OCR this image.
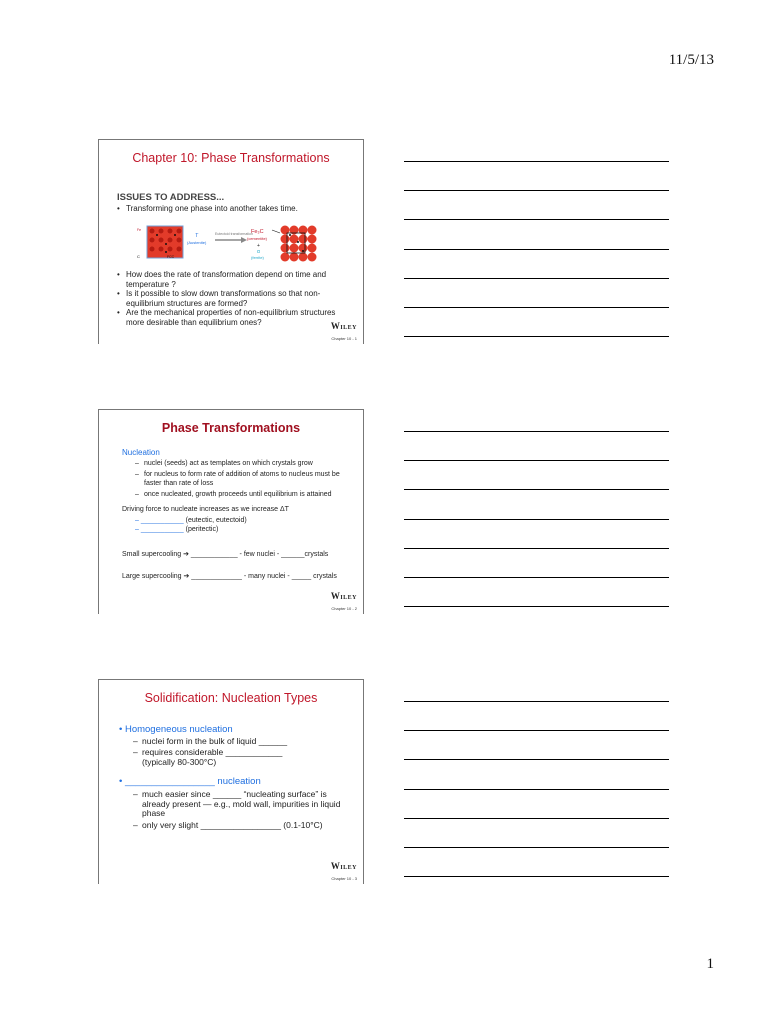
11/5/13
Chapter 10: Phase Transformations
ISSUES TO ADDRESS...
• Transforming one phase into another takes time.
Fe
C	FCC
T
(Austenite)
Eutectoid transformation
Fe₃C
(cementite)
+
α
(ferrite)
• How does the rate of transformation depend on time and temperature ?
• Is it possible to slow down transformations so that non-equilibrium structures are formed?
• Are the mechanical properties of non-equilibrium structures more desirable than equilibrium ones?	Wiley
Chapter 10 - 1
Phase Transformations
Nucleation
– nuclei (seeds) act as templates on which crystals grow
– for nucleus to form rate of addition of atoms to nucleus must be faster than rate of loss
– once nucleated, growth proceeds until equilibrium is attained
Driving force to nucleate increases as we increase ΔT
– ___________ (eutectic, eutectoid)
– ___________ (peritectic)
Small supercooling ➔ ____________ - few nuclei - ______crystals
Large supercooling ➔ _____________ - many nuclei - _____ crystals
Wiley
Chapter 10 - 2
Solidification: Nucleation Types
• Homogeneous nucleation
– nuclei form in the bulk of liquid ______
– requires considerable ____________ (typically 80-300°C)
• _________________ nucleation
– much easier since ______ “nucleating surface” is already present — e.g., mold wall, impurities in liquid phase
– only very slight _________________ (0.1-10°C)
Wiley
Chapter 10 - 3
1
